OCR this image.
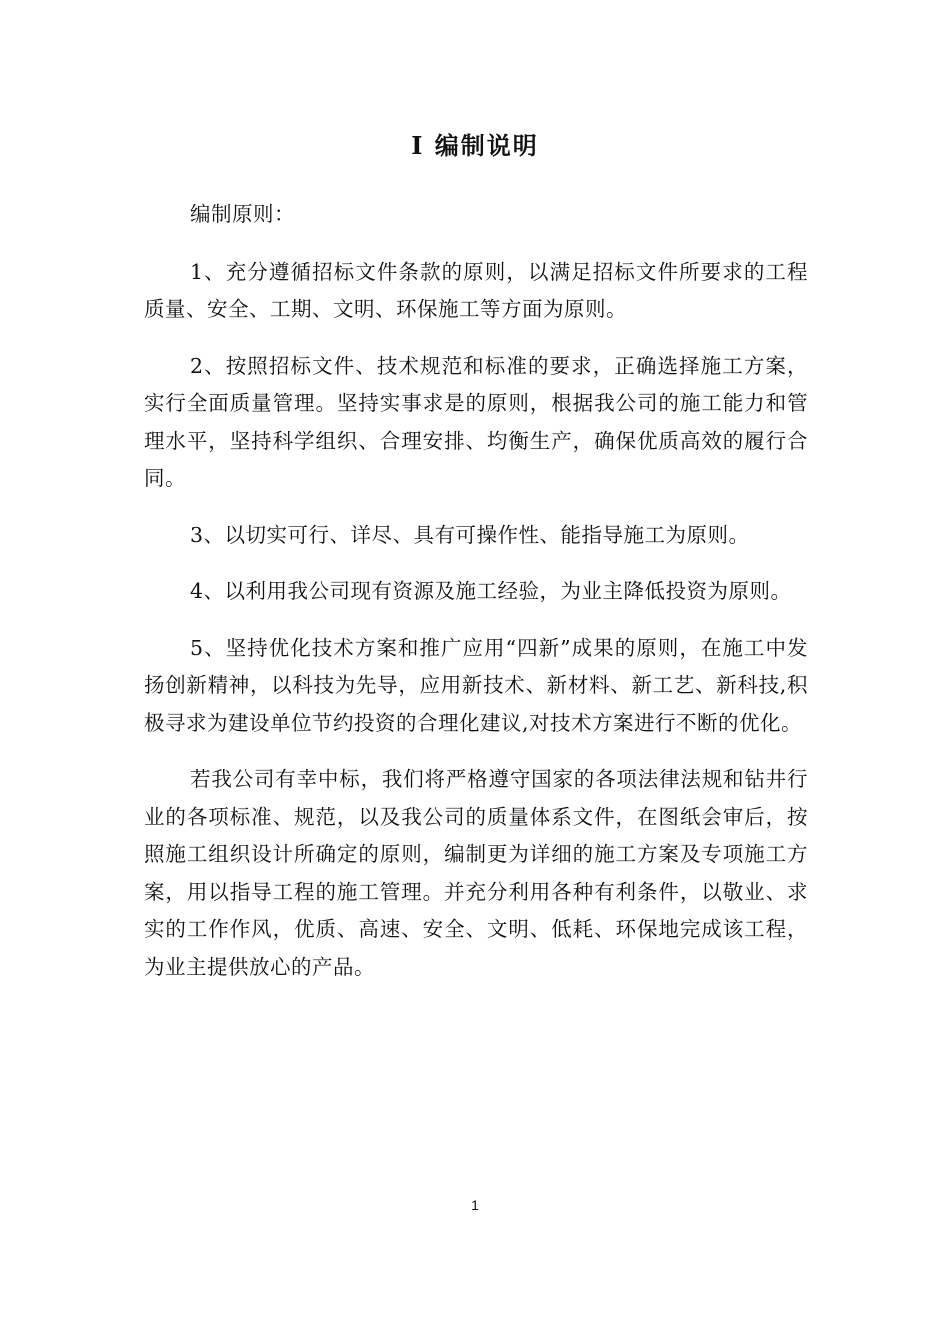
I 编制说明

编制原则：

1、充分遵循招标文件条款的原则，以满足招标文件所要求的工程质量、安全、工期、文明、环保施工等方面为原则。

2、按照招标文件、技术规范和标准的要求，正确选择施工方案，实行全面质量管理。坚持实事求是的原则，根据我公司的施工能力和管理水平，坚持科学组织、合理安排、均衡生产，确保优质高效的履行合同。

3、以切实可行、详尽、具有可操作性、能指导施工为原则。

4、以利用我公司现有资源及施工经验，为业主降低投资为原则。

5、坚持优化技术方案和推广应用“四新”成果的原则，在施工中发扬创新精神，以科技为先导，应用新技术、新材料、新工艺、新科技,积极寻求为建设单位节约投资的合理化建议,对技术方案进行不断的优化。

若我公司有幸中标，我们将严格遵守国家的各项法律法规和钻井行业的各项标准、规范，以及我公司的质量体系文件，在图纸会审后，按照施工组织设计所确定的原则，编制更为详细的施工方案及专项施工方案，用以指导工程的施工管理。并充分利用各种有利条件，以敬业、求实的工作作风，优质、高速、安全、文明、低耗、环保地完成该工程，为业主提供放心的产品。

1
